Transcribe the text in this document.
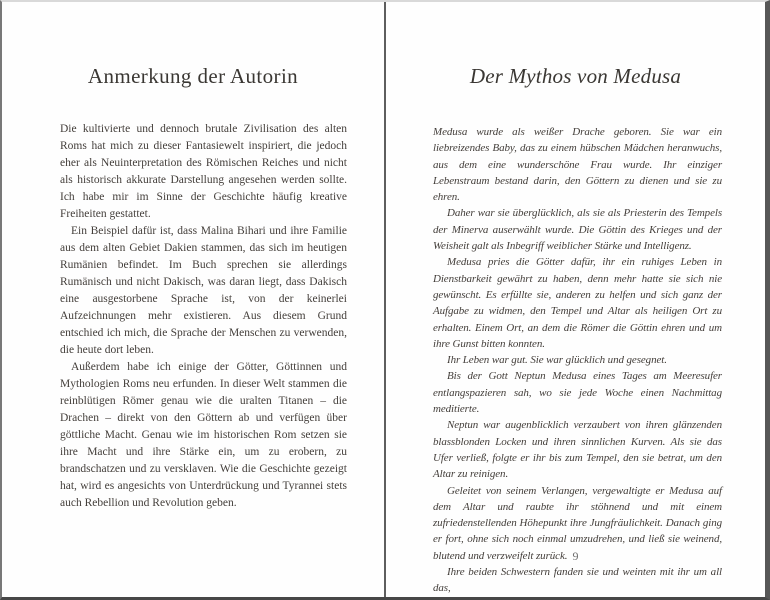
Anmerkung der Autorin

Die kultivierte und dennoch brutale Zivilisation des alten Roms hat mich zu dieser Fantasiewelt inspiriert, die jedoch eher als Neuinterpretation des Römischen Reiches und nicht als historisch akkurate Darstellung angesehen werden sollte. Ich habe mir im Sinne der Geschichte häufig kreative Freiheiten gestattet.

Ein Beispiel dafür ist, dass Malina Bihari und ihre Familie aus dem alten Gebiet Dakien stammen, das sich im heutigen Rumänien befindet. Im Buch sprechen sie allerdings Rumänisch und nicht Dakisch, was daran liegt, dass Dakisch eine ausgestorbene Sprache ist, von der keinerlei Aufzeichnungen mehr existieren. Aus diesem Grund entschied ich mich, die Sprache der Menschen zu verwenden, die heute dort leben.

Außerdem habe ich einige der Götter, Göttinnen und Mythologien Roms neu erfunden. In dieser Welt stammen die reinblütigen Römer genau wie die uralten Titanen – die Drachen – direkt von den Göttern ab und verfügen über göttliche Macht. Genau wie im historischen Rom setzen sie ihre Macht und ihre Stärke ein, um zu erobern, zu brandschatzen und zu versklaven. Wie die Geschichte gezeigt hat, wird es angesichts von Unterdrückung und Tyrannei stets auch Rebellion und Revolution geben.

Der Mythos von Medusa

Medusa wurde als weißer Drache geboren. Sie war ein liebreizendes Baby, das zu einem hübschen Mädchen heranwuchs, aus dem eine wunderschöne Frau wurde. Ihr einziger Lebenstraum bestand darin, den Göttern zu dienen und sie zu ehren.

Daher war sie überglücklich, als sie als Priesterin des Tempels der Minerva auserwählt wurde. Die Göttin des Krieges und der Weisheit galt als Inbegriff weiblicher Stärke und Intelligenz.

Medusa pries die Götter dafür, ihr ein ruhiges Leben in Dienstbarkeit gewährt zu haben, denn mehr hatte sie sich nie gewünscht. Es erfüllte sie, anderen zu helfen und sich ganz der Aufgabe zu widmen, den Tempel und Altar als heiligen Ort zu erhalten. Einem Ort, an dem die Römer die Göttin ehren und um ihre Gunst bitten konnten.

Ihr Leben war gut. Sie war glücklich und gesegnet.

Bis der Gott Neptun Medusa eines Tages am Meeresufer entlangspazieren sah, wo sie jede Woche einen Nachmittag meditierte.

Neptun war augenblicklich verzaubert von ihren glänzenden blassblonden Locken und ihren sinnlichen Kurven. Als sie das Ufer verließ, folgte er ihr bis zum Tempel, den sie betrat, um den Altar zu reinigen.

Geleitet von seinem Verlangen, vergewaltigte er Medusa auf dem Altar und raubte ihr stöhnend und mit einem zufriedenstellenden Höhepunkt ihre Jungfräulichkeit. Danach ging er fort, ohne sich noch einmal umzudrehen, und ließ sie weinend, blutend und verzweifelt zurück.

Ihre beiden Schwestern fanden sie und weinten mit ihr um all das,

9
